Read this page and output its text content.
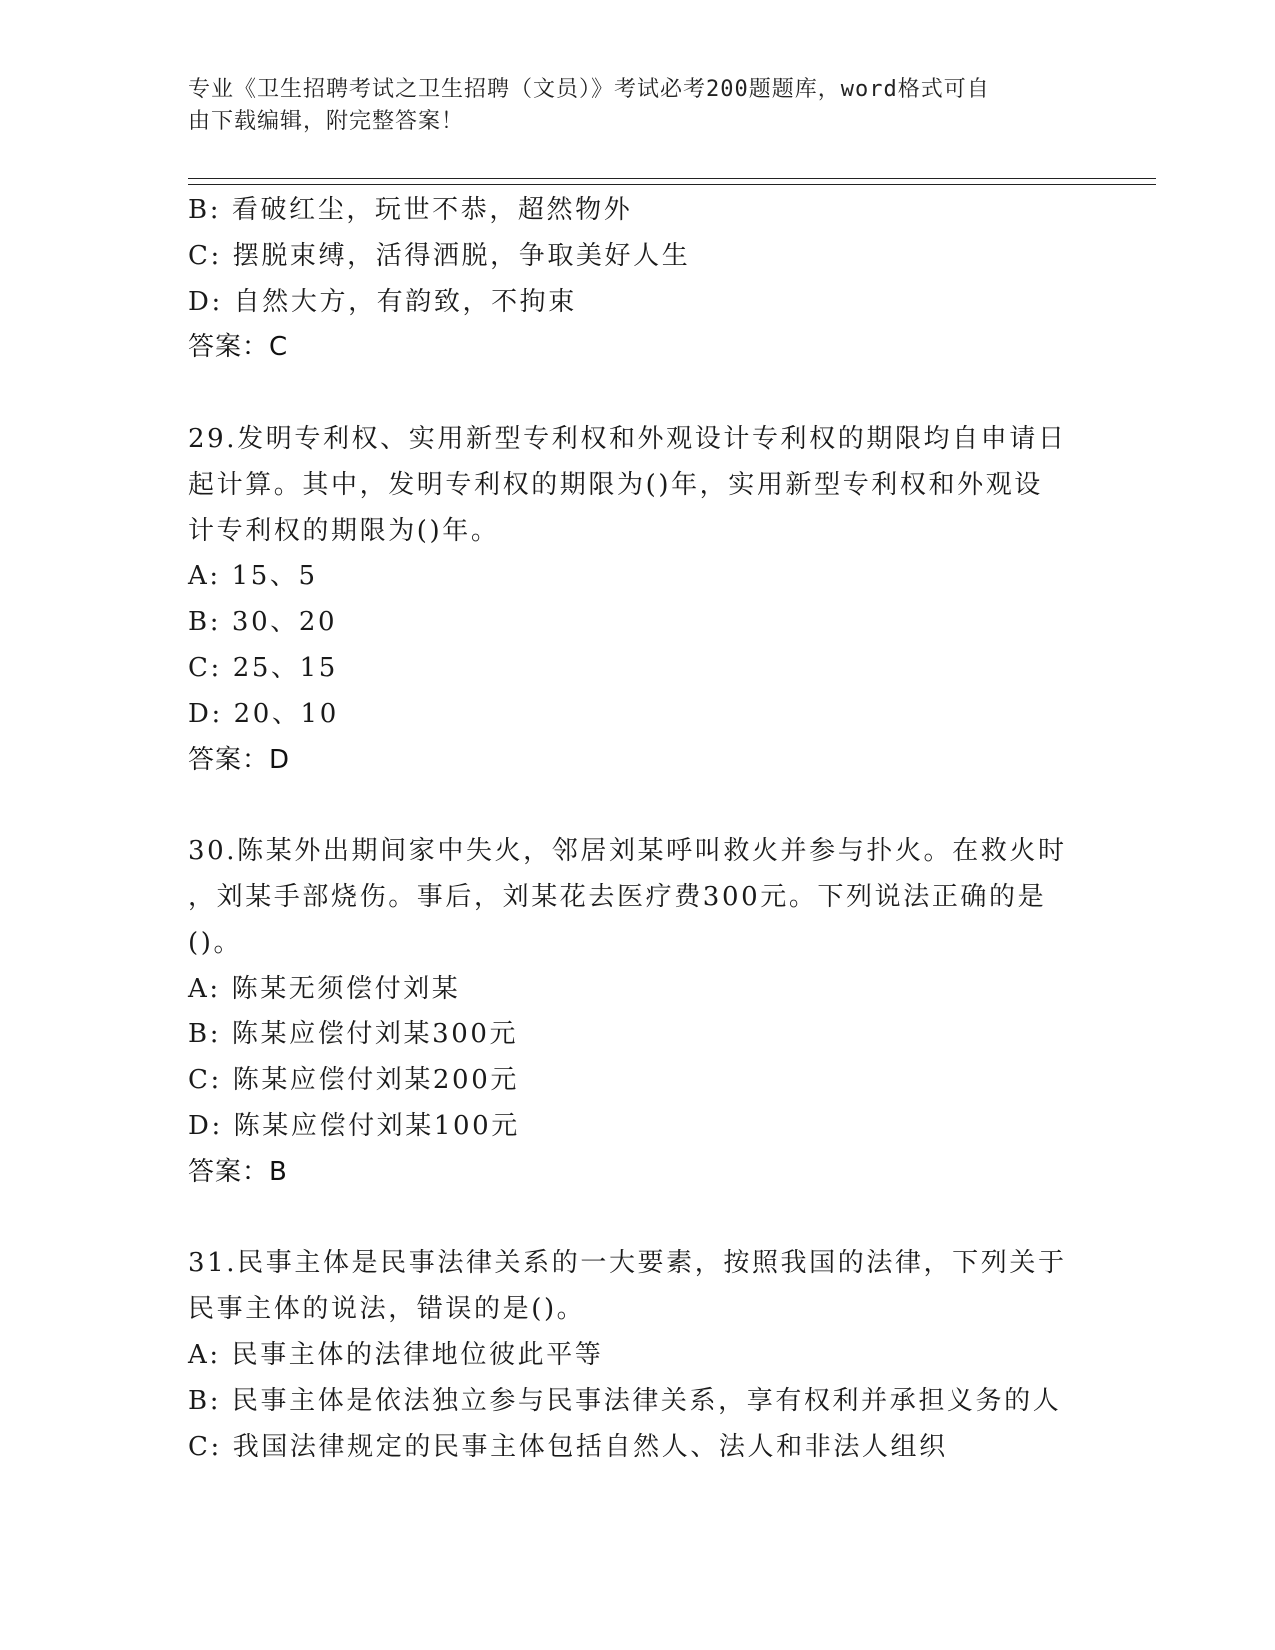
专业《卫生招聘考试之卫生招聘（文员）》考试必考200题题库，word格式可自
由下载编辑，附完整答案！
B: 看破红尘，玩世不恭，超然物外
C: 摆脱束缚，活得洒脱，争取美好人生
D: 自然大方，有韵致，不拘束
答案：C
29.发明专利权、实用新型专利权和外观设计专利权的期限均自申请日
起计算。其中，发明专利权的期限为()年，实用新型专利权和外观设
计专利权的期限为()年。
A: 15、5
B: 30、20
C: 25、15
D: 20、10
答案：D
30.陈某外出期间家中失火，邻居刘某呼叫救火并参与扑火。在救火时
，刘某手部烧伤。事后，刘某花去医疗费300元。下列说法正确的是
()。
A: 陈某无须偿付刘某
B: 陈某应偿付刘某300元
C: 陈某应偿付刘某200元
D: 陈某应偿付刘某100元
答案：B
31.民事主体是民事法律关系的一大要素，按照我国的法律，下列关于
民事主体的说法，错误的是()。
A: 民事主体的法律地位彼此平等
B: 民事主体是依法独立参与民事法律关系，享有权利并承担义务的人
C: 我国法律规定的民事主体包括自然人、法人和非法人组织
